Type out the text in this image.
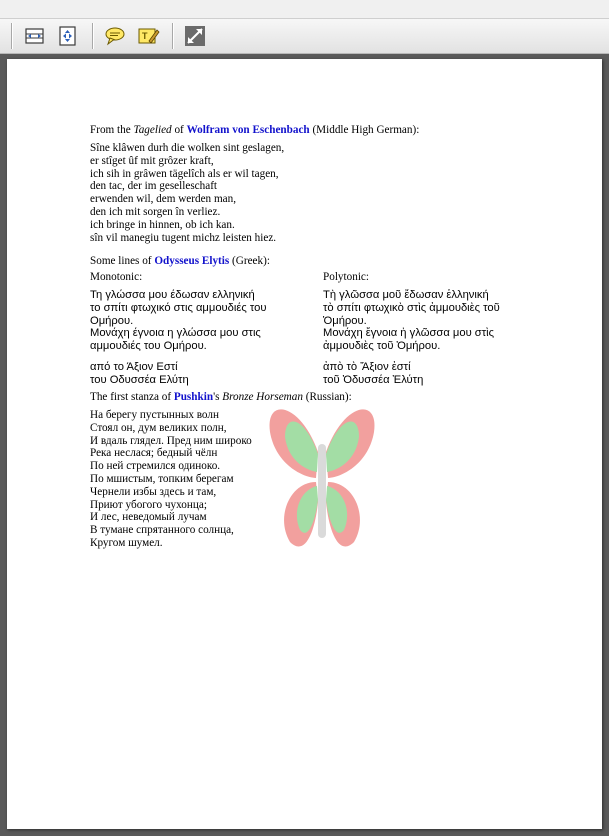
T
From the Tagelied of Wolfram von Eschenbach (Middle High German):
Sîne klâwen durh die wolken sint geslagen,
er stîget ûf mit grôzer kraft,
ich sih in grâwen tägelîch als er wil tagen,
den tac, der im geselleschaft
erwenden wil, dem werden man,
den ich mit sorgen în verliez.
ich bringe in hinnen, ob ich kan.
sîn vil manegiu tugent michz leisten hiez.
Some lines of Odysseus Elytis (Greek):
Monotonic:	Polytonic:
Τη γλώσσα μου έδωσαν ελληνική
το σπίτι φτωχικό στις αμμουδιές του
Ομήρου.
Μονάχη έγνοια η γλώσσα μου στις
αμμουδιές του Ομήρου.
Τὴ γλῶσσα μοῦ ἔδωσαν ἑλληνική
τὸ σπίτι φτωχικὸ στὶς ἀμμουδιὲς τοῦ
Ὁμήρου.
Μονάχη ἔγνοια ἡ γλῶσσα μου στὶς
ἀμμουδιὲς τοῦ Ὁμήρου.
από το Άξιον Εστί
του Οδυσσέα Ελύτη
ἀπὸ τὸ Ἄξιον ἐστί
τοῦ Ὀδυσσέα Ἐλύτη
The first stanza of Pushkin's Bronze Horseman (Russian):
На берегу пустынных волн
Стоял он, дум великих полн,
И вдаль глядел. Пред ним широко
Река неслася; бедный чёлн
По ней стремился одиноко.
По мшистым, топким берегам
Чернели избы здесь и там,
Приют убогого чухонца;
И лес, неведомый лучам
В тумане спрятанного солнца,
Кругом шумел.
